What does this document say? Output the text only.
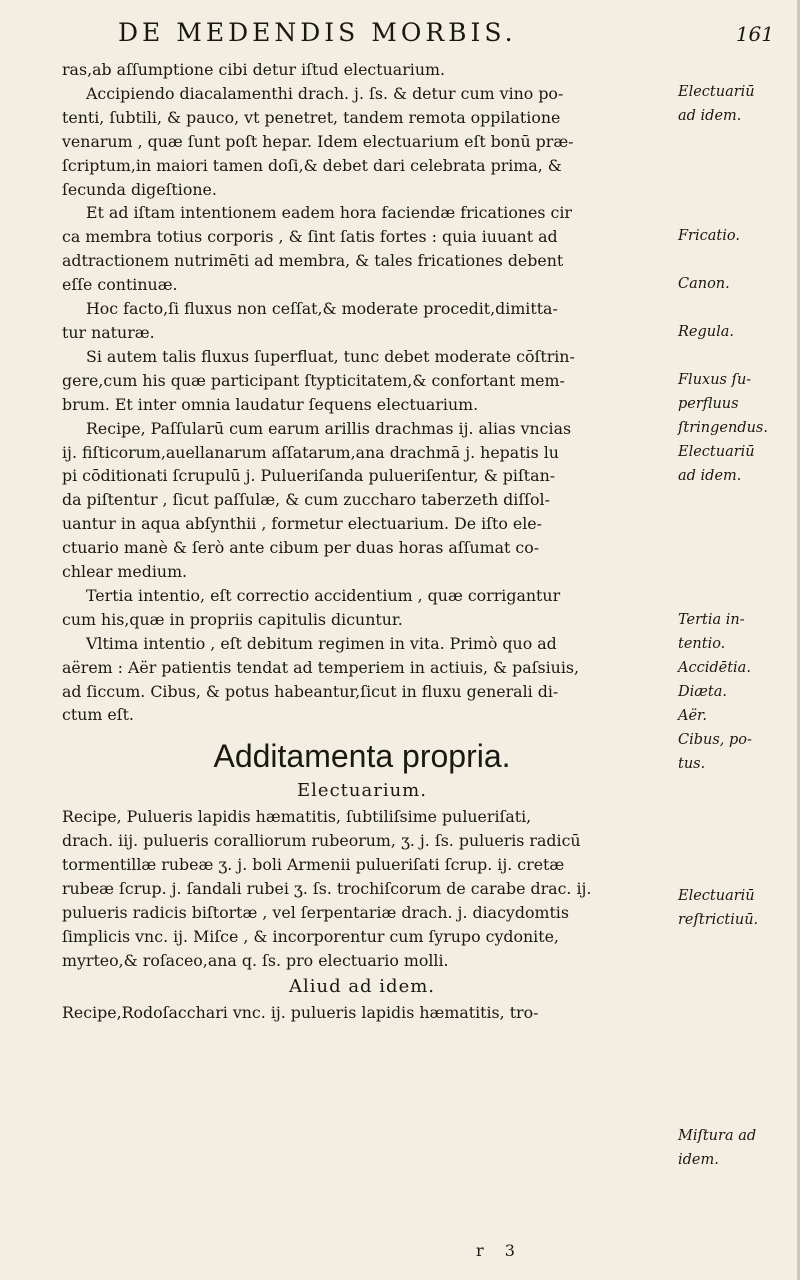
DE MEDENDIS MORBIS.	161

ras,ab aſſumptione cibi detur iſtud electuarium.

Accipiendo diacalamenthi drach. j. ſs. & detur cum vino po-

tenti, ſubtili, & pauco, vt penetret, tandem remota oppilatione

venarum , quæ ſunt poſt hepar. Idem electuarium eſt bonū præ-

ſcriptum,in maiori tamen doſi,& debet dari celebrata prima, &

ſecunda digeſtione.

Et ad iſtam intentionem eadem hora faciendæ fricationes cir

ca membra totius corporis , & ſint ſatis fortes : quia iuuant ad

adtractionem nutrimēti ad membra, & tales fricationes debent

eſſe continuæ.

Hoc facto,ſi fluxus non ceſſat,& moderate procedit,dimitta-

tur naturæ.

Si autem talis fluxus ſuperfluat, tunc debet moderate cōſtrin-

gere,cum his quæ participant ſtypticitatem,& confortant mem-

brum. Et inter omnia laudatur ſequens electuarium.

Recipe, Paſſularū cum earum arillis drachmas ij. alias vncias

ij. fiſticorum,auellanarum aſſatarum,ana drachmā j. hepatis lu

pi cōditionati ſcrupulū j. Pulueriſanda pulueriſentur, & piſtan-

da piſtentur , ſicut paſſulæ, & cum zuccharo taberzeth diſſol-

uantur in aqua abſynthii , formetur electuarium. De iſto ele-

ctuario manè & ſerò ante cibum per duas horas aſſumat co-

chlear medium.

Tertia intentio, eſt correctio accidentium , quæ corrigantur

cum his,quæ in propriis capitulis dicuntur.

Vltima intentio , eſt debitum regimen in vita. Primò quo ad

aërem : Aër patientis tendat ad temperiem in actiuis, & paſsiuis,

ad ſiccum. Cibus, & potus habeantur,ſicut in fluxu generali di-

ctum eſt.

Additamenta propria.

Electuarium.

Recipe, Pulueris lapidis hæmatitis, ſubtiliſsime pulueriſati,

drach. iij. pulueris coralliorum rubeorum, ʒ. j. ſs. pulueris radicū

tormentillæ rubeæ ʒ. j. boli Armenii pulueriſati ſcrup. ij. cretæ

rubeæ ſcrup. j. ſandali rubei ʒ. ſs. trochiſcorum de carabe drac. ij.

pulueris radicis biſtortæ , vel ſerpentariæ drach. j. diacydomtis

ſimplicis vnc. ij. Miſce , & incorporentur cum ſyrupo cydonite,

myrteo,& roſaceo,ana q. ſs. pro electuario molli.

Aliud ad idem.

Recipe,Rodoſacchari vnc. ij. pulueris lapidis hæmatitis, tro-

Electuariū
ad idem.
Fricatio.
Canon.
Regula.
Fluxus ſu-
perfluus
ſtringendus.
Electuariū
ad idem.
Tertia in-
tentio.
Accidētia.
Diæta.
Aër.
Cibus, po-
tus.
Electuariū
reſtrictiuū.
Miſtura ad
idem.
r 3
